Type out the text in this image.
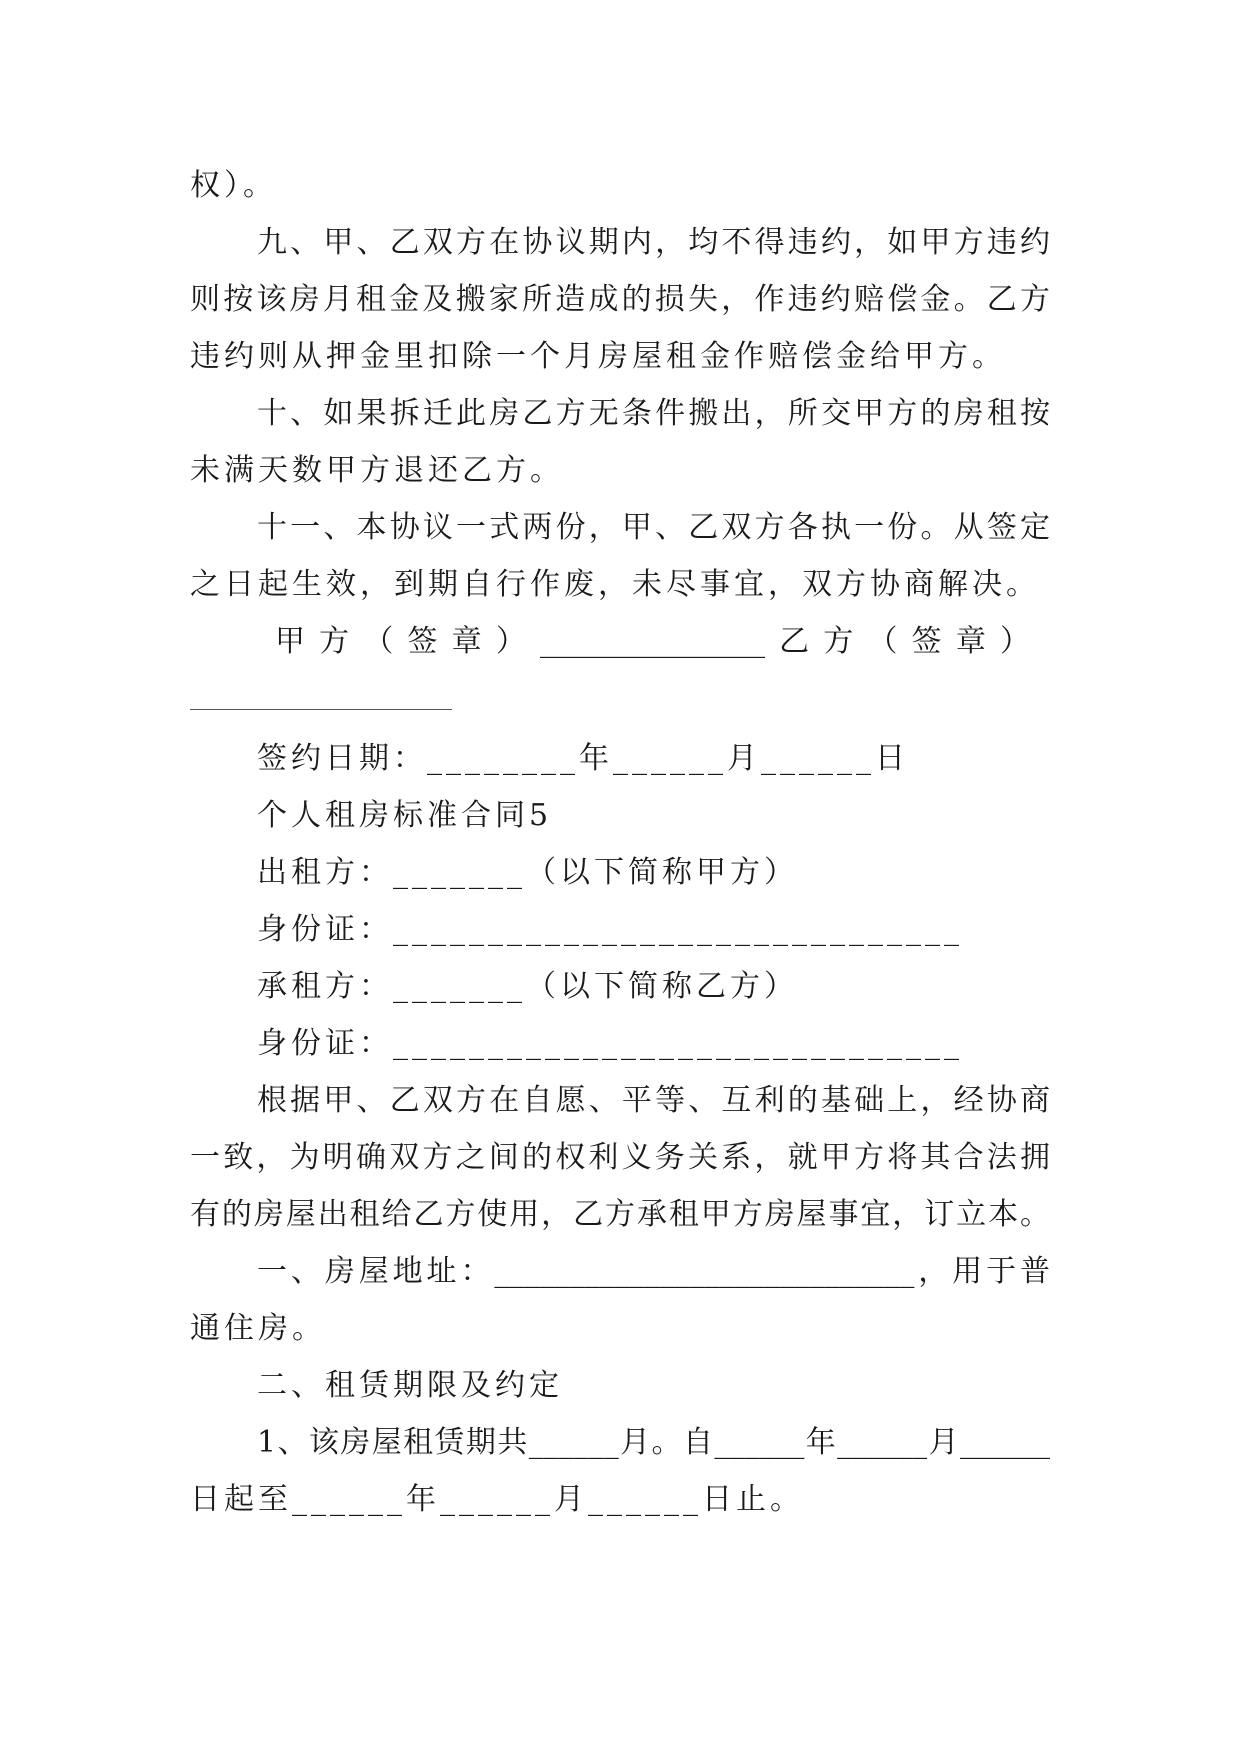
权）。
九、甲、乙双方在协议期内，均不得违约，如甲方违约
则按该房月租金及搬家所造成的损失，作违约赔偿金。乙方
违约则从押金里扣除一个月房屋租金作赔偿金给甲方。
十、如果拆迁此房乙方无条件搬出，所交甲方的房租按
未满天数甲方退还乙方。
十一、本协议一式两份，甲、乙双方各执一份。从签定
之日起生效，到期自行作废，未尽事宜，双方协商解决。
甲方（签章）_______________乙方（签章）
签约日期：________年______月______日
个人租房标准合同5
出租方：_______（以下简称甲方）
身份证：______________________________
承租方：_______（以下简称乙方）
身份证：______________________________
根据甲、乙双方在自愿、平等、互利的基础上，经协商
一致，为明确双方之间的权利义务关系，就甲方将其合法拥
有的房屋出租给乙方使用，乙方承租甲方房屋事宜，订立本。
一、房屋地址：____________________________，用于普
通住房。
二、租赁期限及约定
1、该房屋租赁期共______月。自______年______月______
日起至______年______月______日止。
